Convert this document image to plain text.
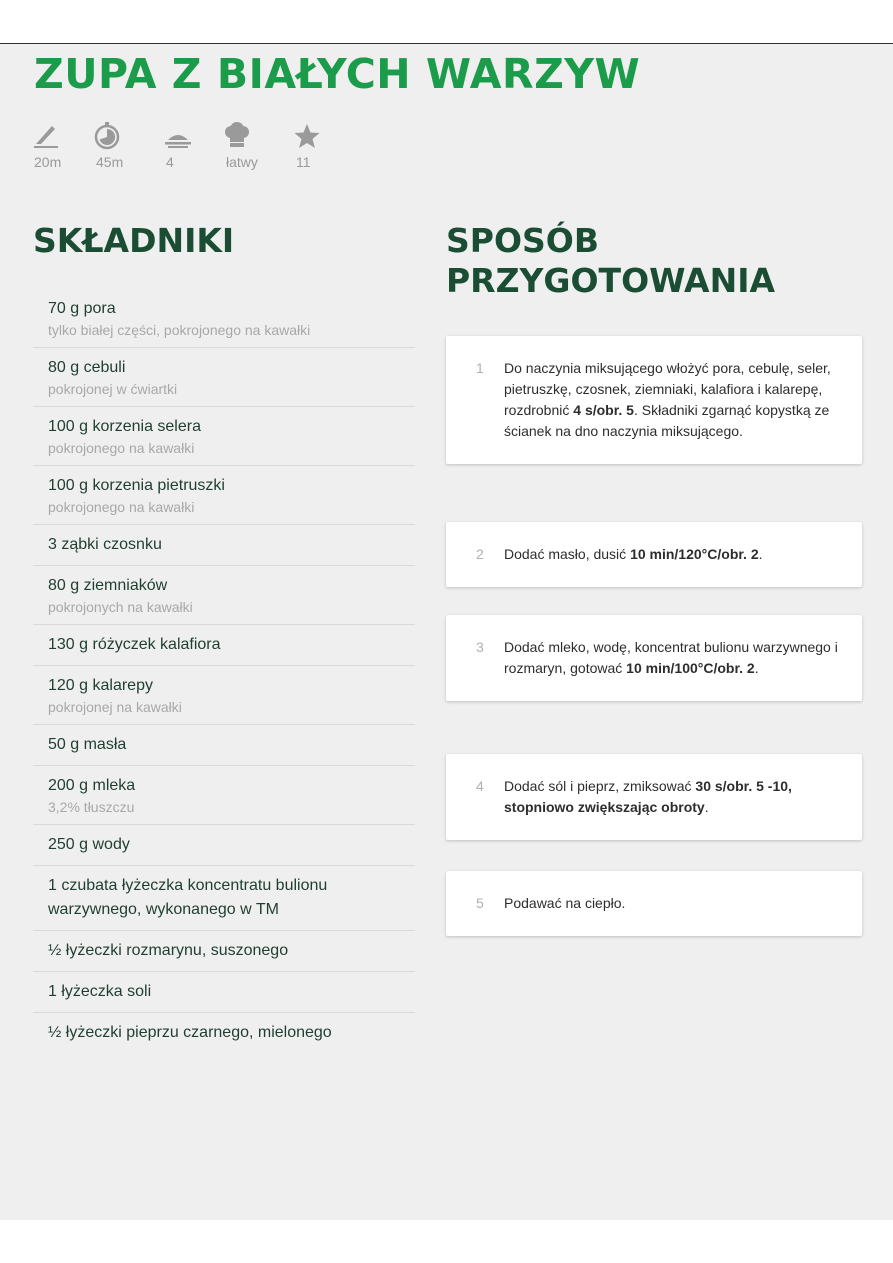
ZUPA Z BIAŁYCH WARZYW
20m 45m	4	łatwy	11
SKŁADNIKI	SPOSÓB PRZYGOTOWANIA
70 g pora
tylko białej części, pokrojonego na kawałki
80 g cebuli
pokrojonej w ćwiartki
100 g korzenia selera
pokrojonego na kawałki
100 g korzenia pietruszki
pokrojonego na kawałki
3 ząbki czosnku
80 g ziemniaków
pokrojonych na kawałki
130 g różyczek kalafiora
120 g kalarepy
pokrojonej na kawałki
50 g masła
200 g mleka
3,2% tłuszczu
250 g wody
1 czubata łyżeczka koncentratu bulionu warzywnego, wykonanego w TM
½ łyżeczki rozmarynu, suszonego
1 łyżeczka soli
½ łyżeczki pieprzu czarnego, mielonego
1 Do naczynia miksującego włożyć pora, cebulę, seler, pietruszkę, czosnek, ziemniaki, kalafiora i kalarepę, rozdrobnić 4 s/obr. 5. Składniki zgarnąć kopystką ze ścianek na dno naczynia miksującego.
2 Dodać masło, dusić 10 min/120°C/obr. 2.
3 Dodać mleko, wodę, koncentrat bulionu warzywnego i rozmaryn, gotować 10 min/100°C/obr. 2.
4 Dodać sól i pieprz, zmiksować 30 s/obr. 5 -10, stopniowo zwiększając obroty.
5 Podawać na ciepło.
